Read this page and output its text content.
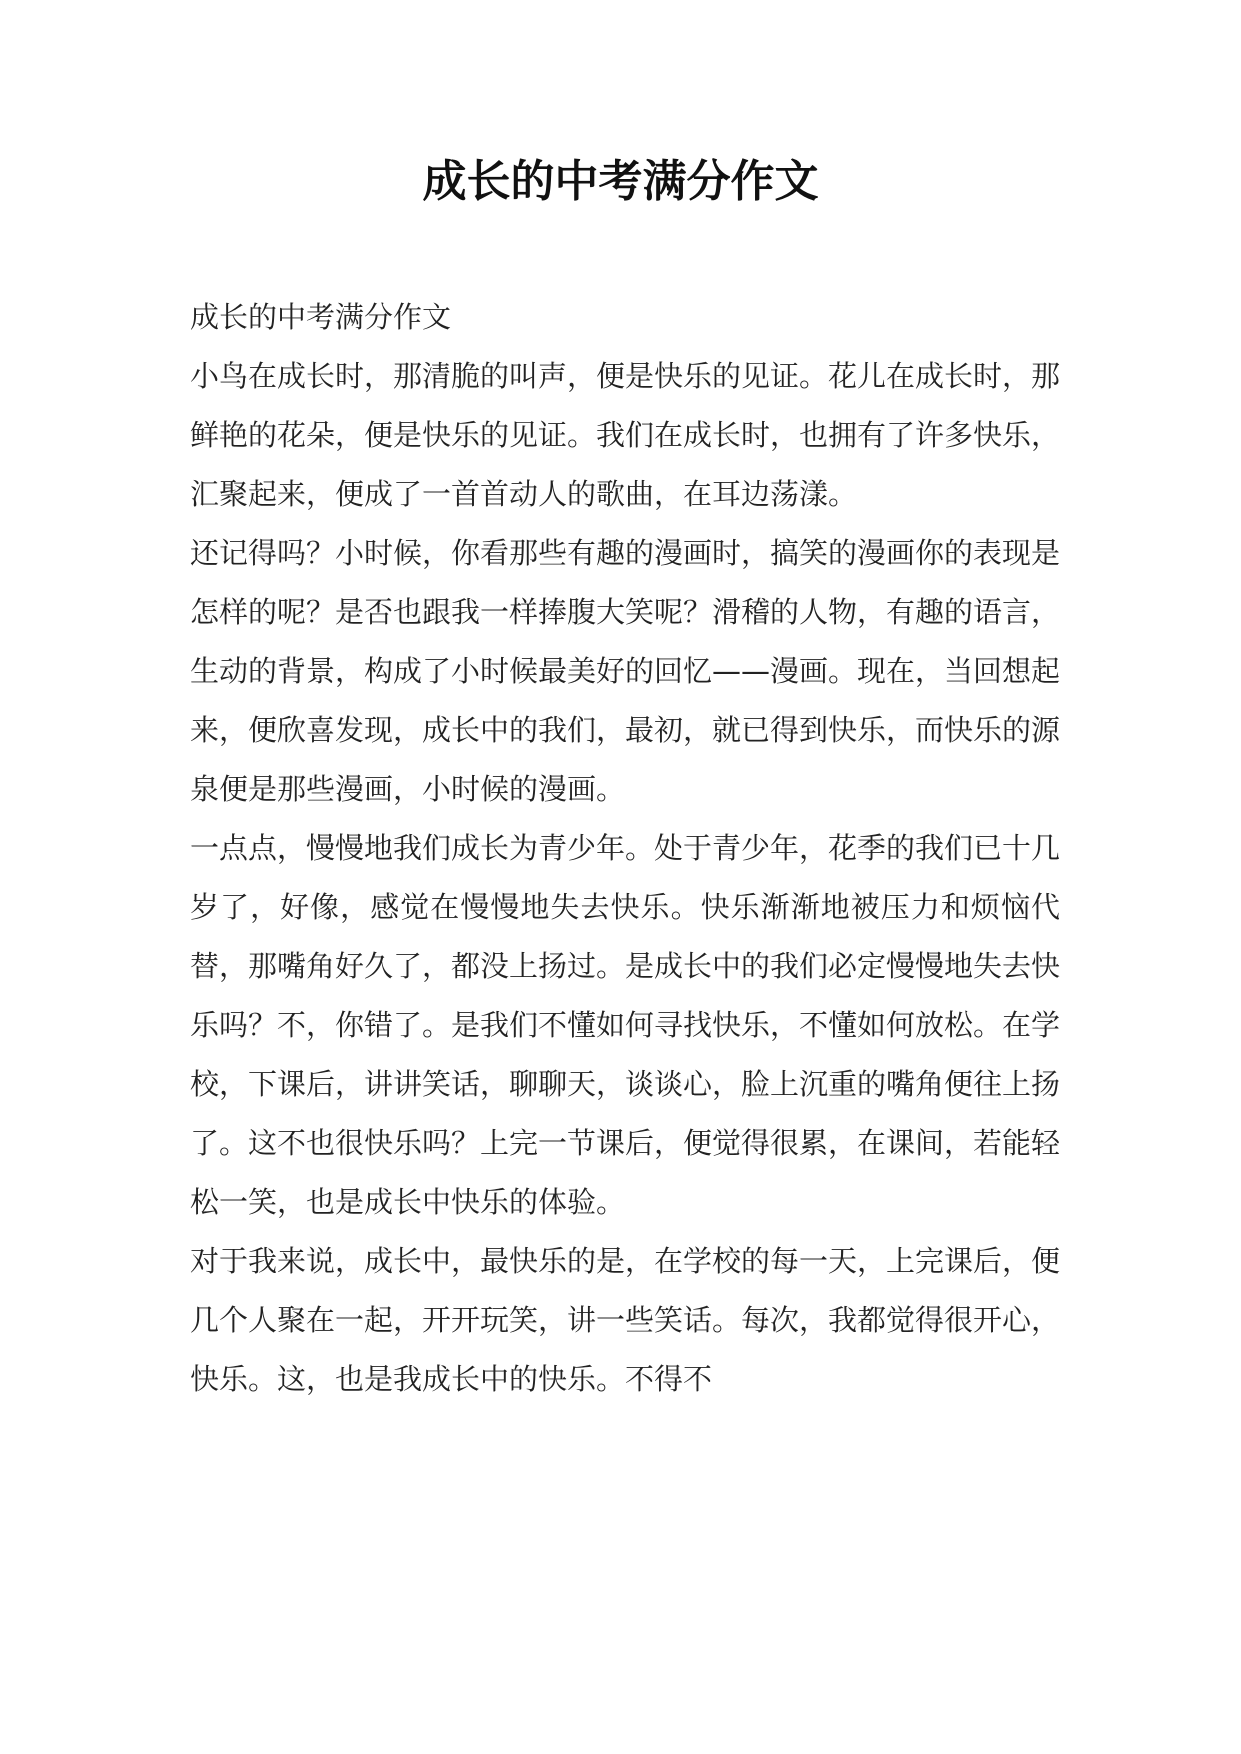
成长的中考满分作文

成长的中考满分作文

小鸟在成长时，那清脆的叫声，便是快乐的见证。花儿在成长时，那鲜艳的花朵，便是快乐的见证。我们在成长时，也拥有了许多快乐，汇聚起来，便成了一首首动人的歌曲，在耳边荡漾。

还记得吗？小时候，你看那些有趣的漫画时，搞笑的漫画你的表现是怎样的呢？是否也跟我一样捧腹大笑呢？滑稽的人物，有趣的语言，生动的背景，构成了小时候最美好的回忆——漫画。现在，当回想起来，便欣喜发现，成长中的我们，最初，就已得到快乐，而快乐的源泉便是那些漫画，小时候的漫画。

一点点，慢慢地我们成长为青少年。处于青少年，花季的我们已十几岁了，好像，感觉在慢慢地失去快乐。快乐渐渐地被压力和烦恼代替，那嘴角好久了，都没上扬过。是成长中的我们必定慢慢地失去快乐吗？不，你错了。是我们不懂如何寻找快乐，不懂如何放松。在学校，下课后，讲讲笑话，聊聊天，谈谈心，脸上沉重的嘴角便往上扬了。这不也很快乐吗？上完一节课后，便觉得很累，在课间，若能轻松一笑，也是成长中快乐的体验。

对于我来说，成长中，最快乐的是，在学校的每一天，上完课后，便几个人聚在一起，开开玩笑，讲一些笑话。每次，我都觉得很开心，快乐。这，也是我成长中的快乐。不得不
